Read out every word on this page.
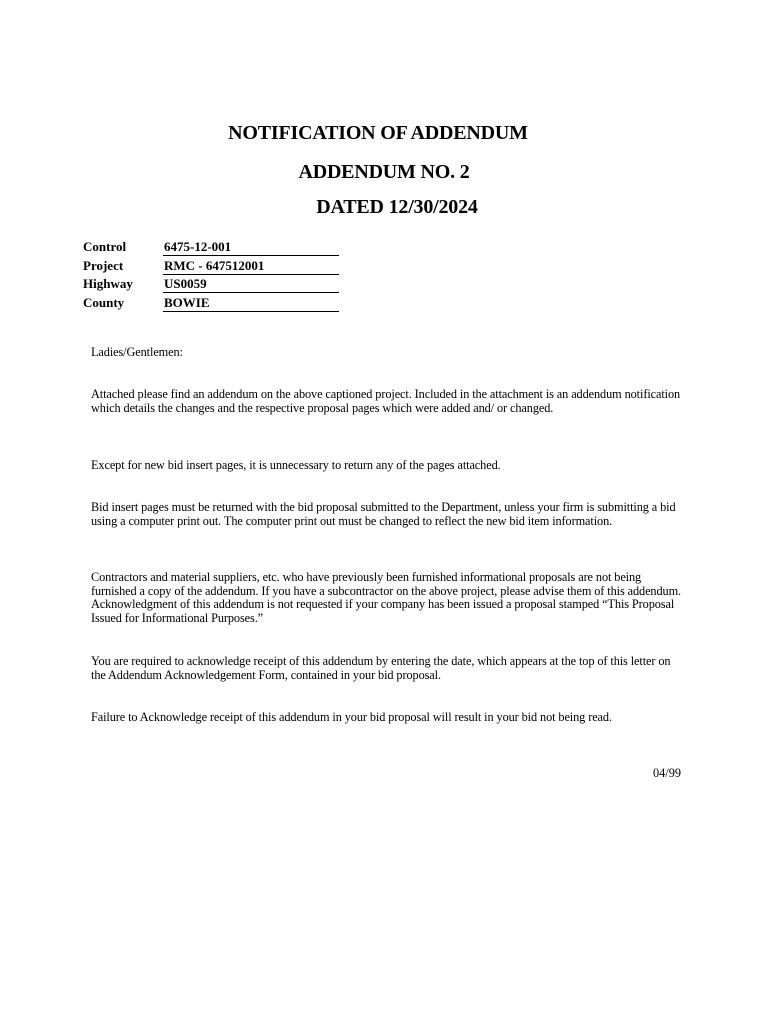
NOTIFICATION OF ADDENDUM
ADDENDUM NO. 2
DATED 12/30/2024
Control	6475-12-001
Project	RMC - 647512001
Highway US0059
County	BOWIE

Ladies/Gentlemen:

Attached please find an addendum on the above captioned project. Included in the attachment is an addendum notification which details the changes and the respective proposal pages which were added and/ or changed.

Except for new bid insert pages, it is unnecessary to return any of the pages attached.

Bid insert pages must be returned with the bid proposal submitted to the Department, unless your firm is submitting a bid using a computer print out. The computer print out must be changed to reflect the new bid item information.

Contractors and material suppliers, etc. who have previously been furnished informational proposals are not being furnished a copy of the addendum. If you have a subcontractor on the above project, please advise them of this addendum. Acknowledgment of this addendum is not requested if your company has been issued a proposal stamped “This Proposal Issued for Informational Purposes.”

You are required to acknowledge receipt of this addendum by entering the date, which appears at the top of this letter on the Addendum Acknowledgement Form, contained in your bid proposal.

Failure to Acknowledge receipt of this addendum in your bid proposal will result in your bid not being read.

04/99
